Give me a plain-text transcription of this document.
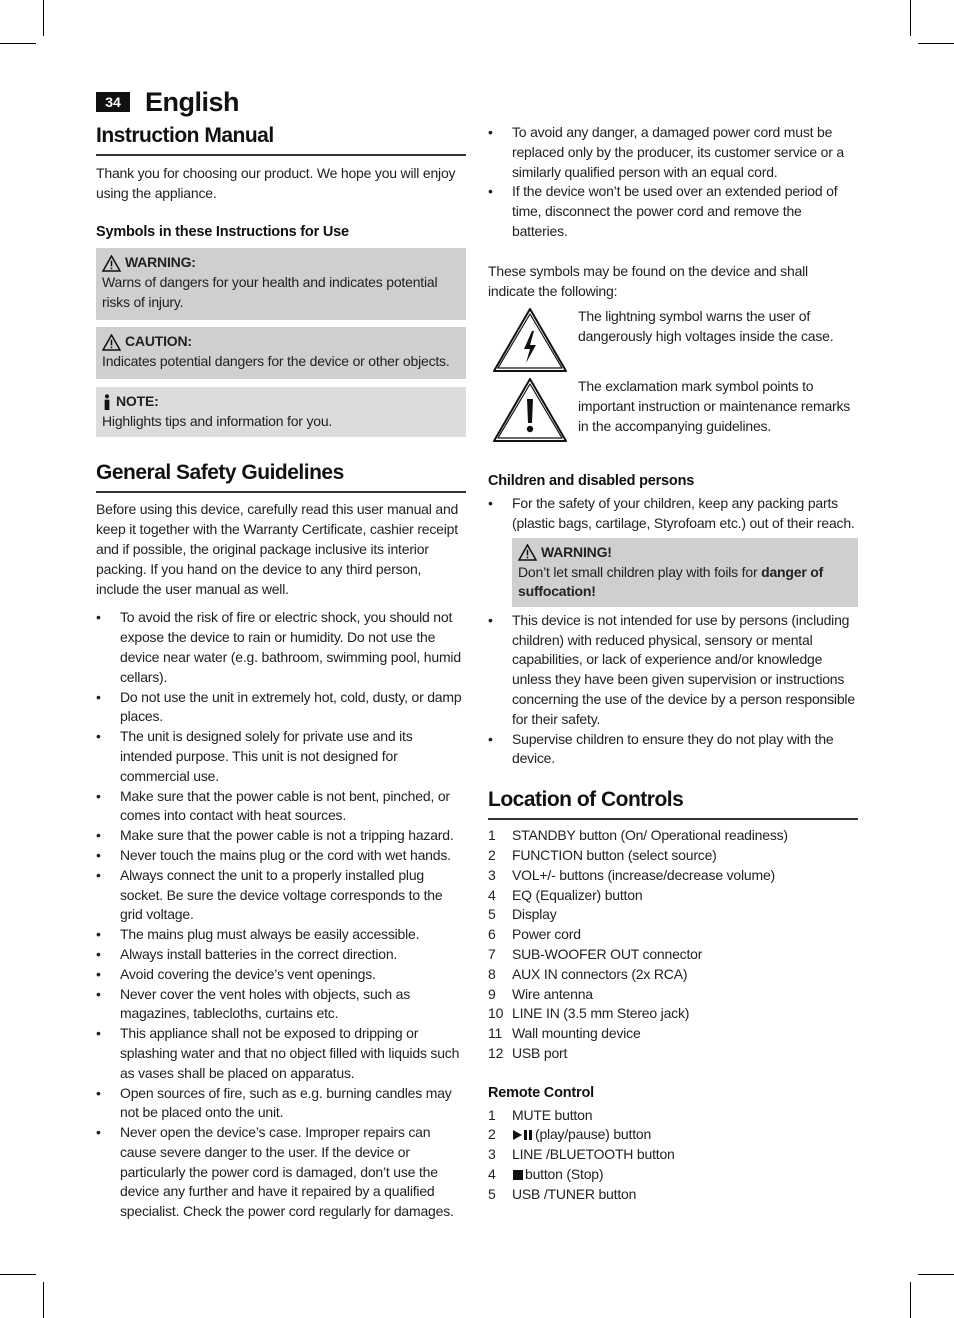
34 English
Instruction Manual

Thank you for choosing our product. We hope you will enjoy using the appliance.

Symbols in these Instructions for Use
WARNING:

Warns of dangers for your health and indicates potential risks of injury.

CAUTION:

Indicates potential dangers for the device or other objects.

NOTE:

Highlights tips and information for you.

General Safety Guidelines

Before using this device, carefully read this user manual and keep it together with the Warranty Certificate, cashier receipt and if possible, the original package inclusive its interior packing. If you hand on the device to any third person, include the user manual as well.

• To avoid the risk of fire or electric shock, you should not expose the device to rain or humidity. Do not use the device near water (e.g. bathroom, swimming pool, humid cellars).
• Do not use the unit in extremely hot, cold, dusty, or damp places.
• The unit is designed solely for private use and its intended purpose. This unit is not designed for commercial use.
• Make sure that the power cable is not bent, pinched, or comes into contact with heat sources.
• Make sure that the power cable is not a tripping hazard.
• Never touch the mains plug or the cord with wet hands.
• Always connect the unit to a properly installed plug socket. Be sure the device voltage corresponds to the grid voltage.
• The mains plug must always be easily accessible.
• Always install batteries in the correct direction.
• Avoid covering the device’s vent openings.
• Never cover the vent holes with objects, such as magazines, tablecloths, curtains etc.
• This appliance shall not be exposed to dripping or splashing water and that no object filled with liquids such as vases shall be placed on apparatus.
• Open sources of fire, such as e.g. burning candles may not be placed onto the unit.
• Never open the device’s case. Improper repairs can cause severe danger to the user. If the device or particularly the power cord is damaged, don’t use the device any further and have it repaired by a qualified specialist. Check the power cord regularly for damages.
• To avoid any danger, a damaged power cord must be replaced only by the producer, its customer service or a similarly qualified person with an equal cord.
• If the device won’t be used over an extended period of time, disconnect the power cord and remove the batteries.

These symbols may be found on the device and shall indicate the following:

The lightning symbol warns the user of dangerously high voltages inside the case.

The exclamation mark symbol points to important instruction or maintenance remarks in the accompanying guidelines.

Children and disabled persons
• For the safety of your children, keep any packing parts (plastic bags, cartilage, Styrofoam etc.) out of their reach.
WARNING!

Don’t let small children play with foils for danger of suffocation!

• This device is not intended for use by persons (including children) with reduced physical, sensory or mental capabilities, or lack of experience and/or knowledge unless they have been given supervision or instructions concerning the use of the device by a person responsible for their safety.
• Supervise children to ensure they do not play with the device.
Location of Controls
1	STANDBY button (On/ Operational readiness)
2	FUNCTION button (select source)
3	VOL+/- buttons (increase/decrease volume)
4	EQ (Equalizer) button
5	Display
6	Power cord
7	SUB-WOOFER OUT connector
8	AUX IN connectors (2x RCA)
9	Wire antenna
10 LINE IN (3.5 mm Stereo jack)
11 Wall mounting device
12 USB port
Remote Control
1	MUTE button
2	(play/pause) button
3	LINE /BLUETOOTH button
4	button (Stop)
5	USB /TUNER button
